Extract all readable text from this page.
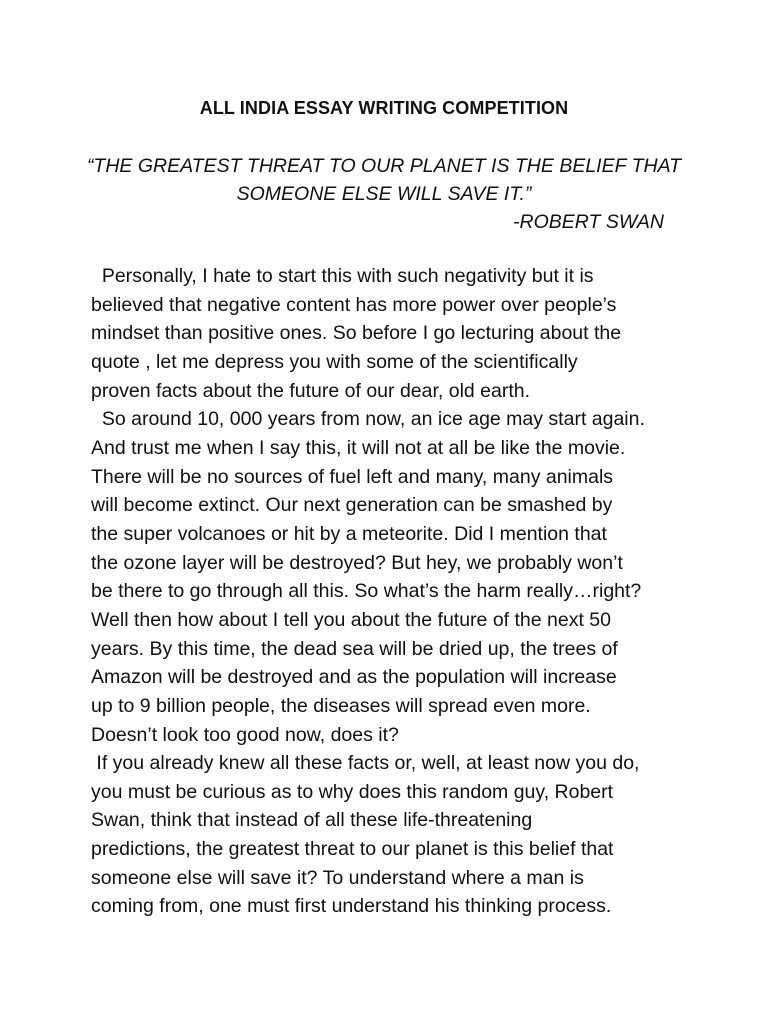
ALL INDIA ESSAY WRITING COMPETITION
“THE GREATEST THREAT TO OUR PLANET IS THE BELIEF THAT
SOMEONE ELSE WILL SAVE IT.”
-ROBERT SWAN
Personally, I hate to start this with such negativity but it is
believed that negative content has more power over people’s
mindset than positive ones. So before I go lecturing about the
quote , let me depress you with some of the scientifically
proven facts about the future of our dear, old earth.
So around 10, 000 years from now, an ice age may start again.
And trust me when I say this, it will not at all be like the movie.
There will be no sources of fuel left and many, many animals
will become extinct. Our next generation can be smashed by
the super volcanoes or hit by a meteorite. Did I mention that
the ozone layer will be destroyed? But hey, we probably won’t
be there to go through all this. So what’s the harm really…right?
Well then how about I tell you about the future of the next 50
years. By this time, the dead sea will be dried up, the trees of
Amazon will be destroyed and as the population will increase
up to 9 billion people, the diseases will spread even more.
Doesn’t look too good now, does it?
If you already knew all these facts or, well, at least now you do,
you must be curious as to why does this random guy, Robert
Swan, think that instead of all these life-threatening
predictions, the greatest threat to our planet is this belief that
someone else will save it? To understand where a man is
coming from, one must first understand his thinking process.
